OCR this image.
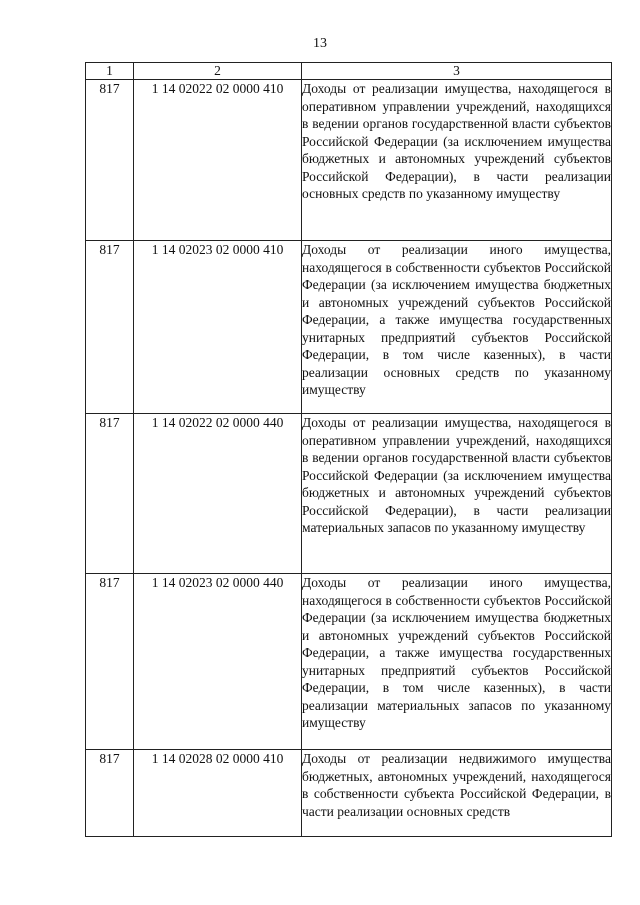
13
1	2	3
817	1 14 02022 02 0000 410	Доходы от реализации имущества, находящегося в оперативном управлении учреждений, находящихся в ведении органов государственной власти субъектов Российской Федерации (за исключением имущества бюджетных и автономных учреждений субъектов Российской Федерации), в части реализации основных средств по указанному имуществу

817	1 14 02023 02 0000 410	Доходы от реализации иного имущества, находящегося в собственности субъектов Российской Федерации (за исключением имущества бюджетных и автономных учреждений субъектов Российской Федерации, а также имущества государственных унитарных предприятий субъектов Российской Федерации, в том числе казенных), в части реализации основных средств по указанному имуществу

817	1 14 02022 02 0000 440	Доходы от реализации имущества, находящегося в оперативном управлении учреждений, находящихся в ведении органов государственной власти субъектов Российской Федерации (за исключением имущества бюджетных и автономных учреждений субъектов Российской Федерации), в части реализации материальных запасов по указанному имуществу

817	1 14 02023 02 0000 440	Доходы от реализации иного имущества, находящегося в собственности субъектов Российской Федерации (за исключением имущества бюджетных и автономных учреждений субъектов Российской Федерации, а также имущества государственных унитарных предприятий субъектов Российской Федерации, в том числе казенных), в части реализации материальных запасов по указанному имуществу

817	1 14 02028 02 0000 410	Доходы от реализации недвижимого имущества бюджетных, автономных учреждений, находящегося в собственности субъекта Российской Федерации, в части реализации основных средств
